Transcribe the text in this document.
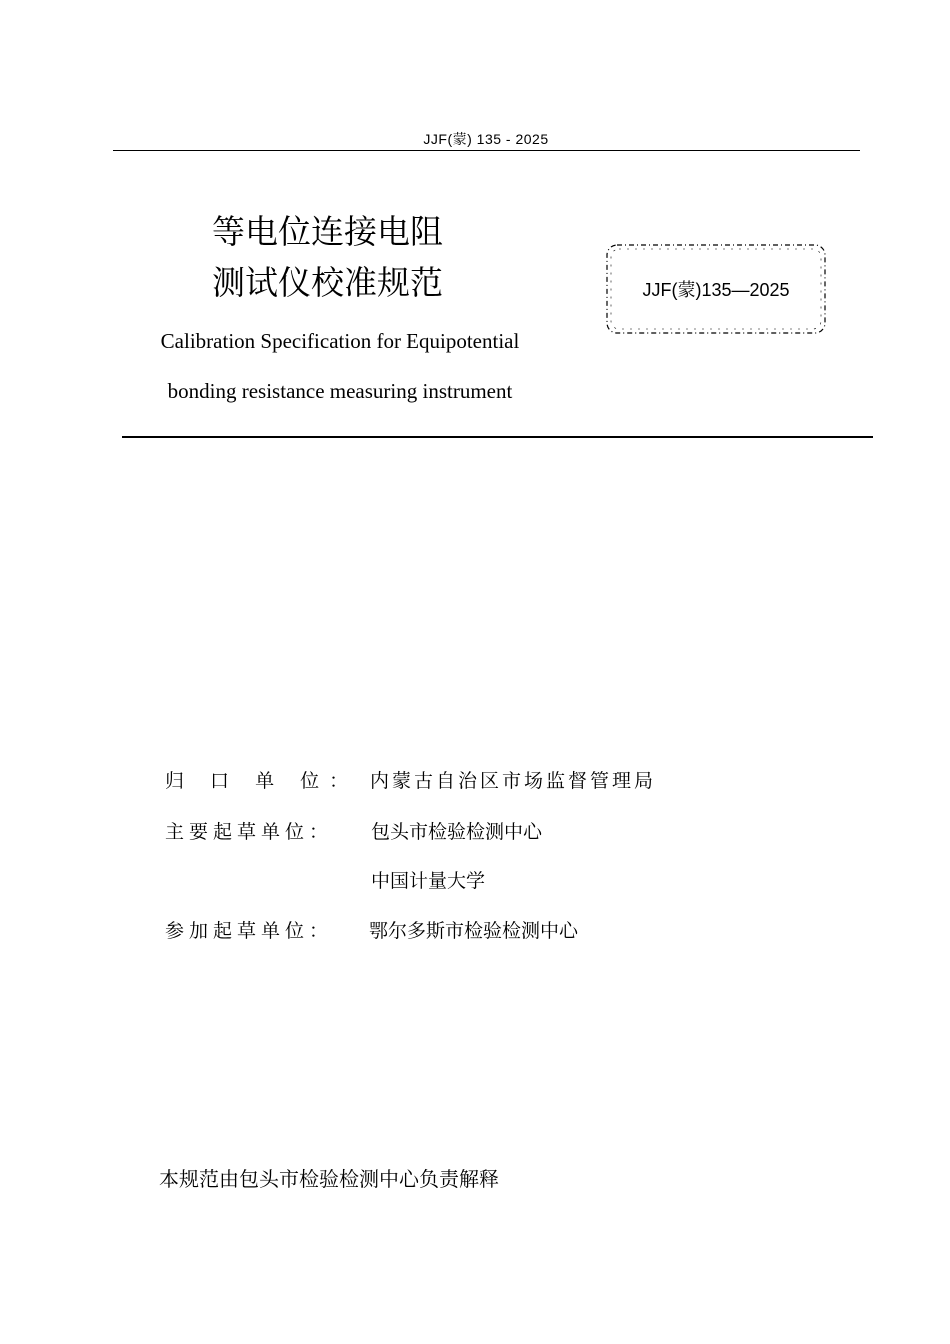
JJF(蒙) 135 - 2025
等电位连接电阻
测试仪校准规范
Calibration Specification for Equipotential
bonding resistance measuring instrument
JJF(蒙)135—2025
归 口 单 位： 内蒙古自治区市场监督管理局
主要起草单位： 包头市检验检测中心
中国计量大学
参加起草单位： 鄂尔多斯市检验检测中心
本规范由包头市检验检测中心负责解释
